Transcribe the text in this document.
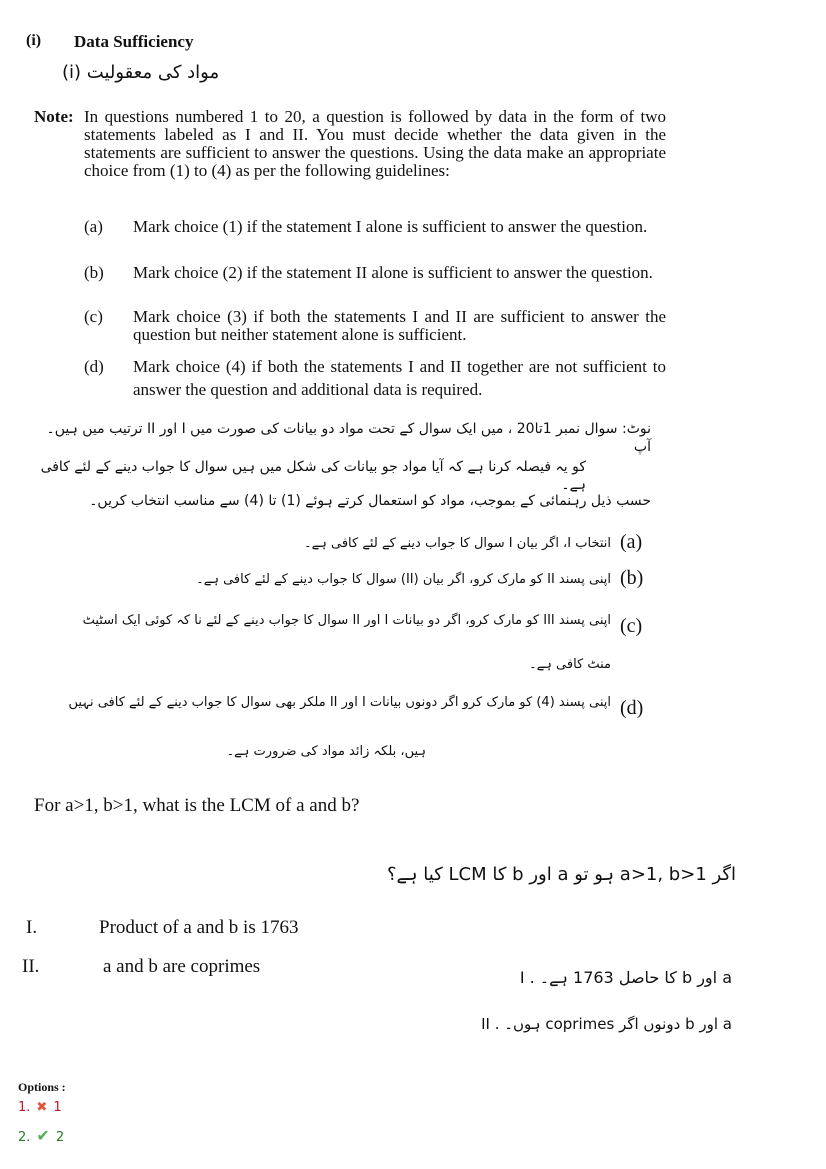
(i) Data Sufficiency
مواد کی معقولیت (i)
Note: In questions numbered 1 to 20, a question is followed by data in the form of two statements labeled as I and II. You must decide whether the data given in the statements are sufficient to answer the questions. Using the data make an appropriate choice from (1) to (4) as per the following guidelines:
(a) Mark choice (1) if the statement I alone is sufficient to answer the question.
(b) Mark choice (2) if the statement II alone is sufficient to answer the question.
(c) Mark choice (3) if both the statements I and II are sufficient to answer the question but neither statement alone is sufficient.
(d) Mark choice (4) if both the statements I and II together are not sufficient to answer the question and additional data is required.
نوٹ: سوال نمبر 1تا20 ، میں ایک سوال کے تحت مواد دو بیانات کی صورت میں I اور II ترتیب میں ہیں۔آپ
کو یہ فیصلہ کرنا ہے کہ آیا مواد جو بیانات کی شکل میں ہیں سوال کا جواب دینے کے لئے کافی ہے۔
حسب ذیل رہنمائی کے بموجب، مواد کو استعمال کرتے ہوئے (1) تا (4) سے مناسب انتخاب کریں۔
(a)
انتخاب I، اگر بیان I سوال کا جواب دینے کے لئے کافی ہے۔
(b)
اپنی پسند II کو مارک کرو، اگر بیان (II) سوال کا جواب دینے کے لئے کافی ہے۔
(c)
اپنی پسند III کو مارک کرو، اگر دو بیانات I اور II سوال کا جواب دینے کے لئے نا کہ کوئی ایک اسٹیٹ
منٹ کافی ہے۔
(d)
اپنی پسند (4) کو مارک کرو اگر دونوں بیانات I اور II ملکر بھی سوال کا جواب دینے کے لئے کافی نہیں
ہیں، بلکہ زائد مواد کی ضرورت ہے۔
For a>1, b>1, what is the LCM of a and b?
اگر a>1, b>1 ہو تو a اور b کا LCM کیا ہے؟
I.	Product of a and b is 1763
II.	a and b are coprimes
a اور b کا حاصل 1763 ہے۔ . I
a اور b دونوں اگر coprimes ہوں۔ . II
Options :
1. ✖ 1
2. ✔ 2
